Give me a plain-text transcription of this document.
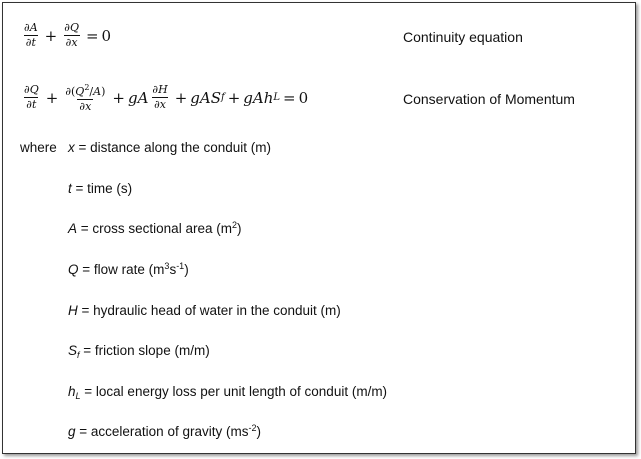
$\frac{\partial A}{\partial t} + \frac{\partial Q}{\partial x} = 0$	Continuity equation
$\frac{\partial Q}{\partial t} + \frac{\partial(Q^2/A)}{\partial x}$ + gA $\frac{\partial H}{\partial x}$ + gAS f + gAh L = 0	Conservation of Momentum
where x = distance along the conduit (m)
t = time (s)
A = cross sectional area $(m^2)$
Q = flow rate $(m^3s^{-1})$
H = hydraulic head of water in the conduit (m)
$S_f$ = friction slope (m/m)
$h_L$ = local energy loss per unit length of conduit (m/m)
g = acceleration of gravity $(ms^{-2})$
